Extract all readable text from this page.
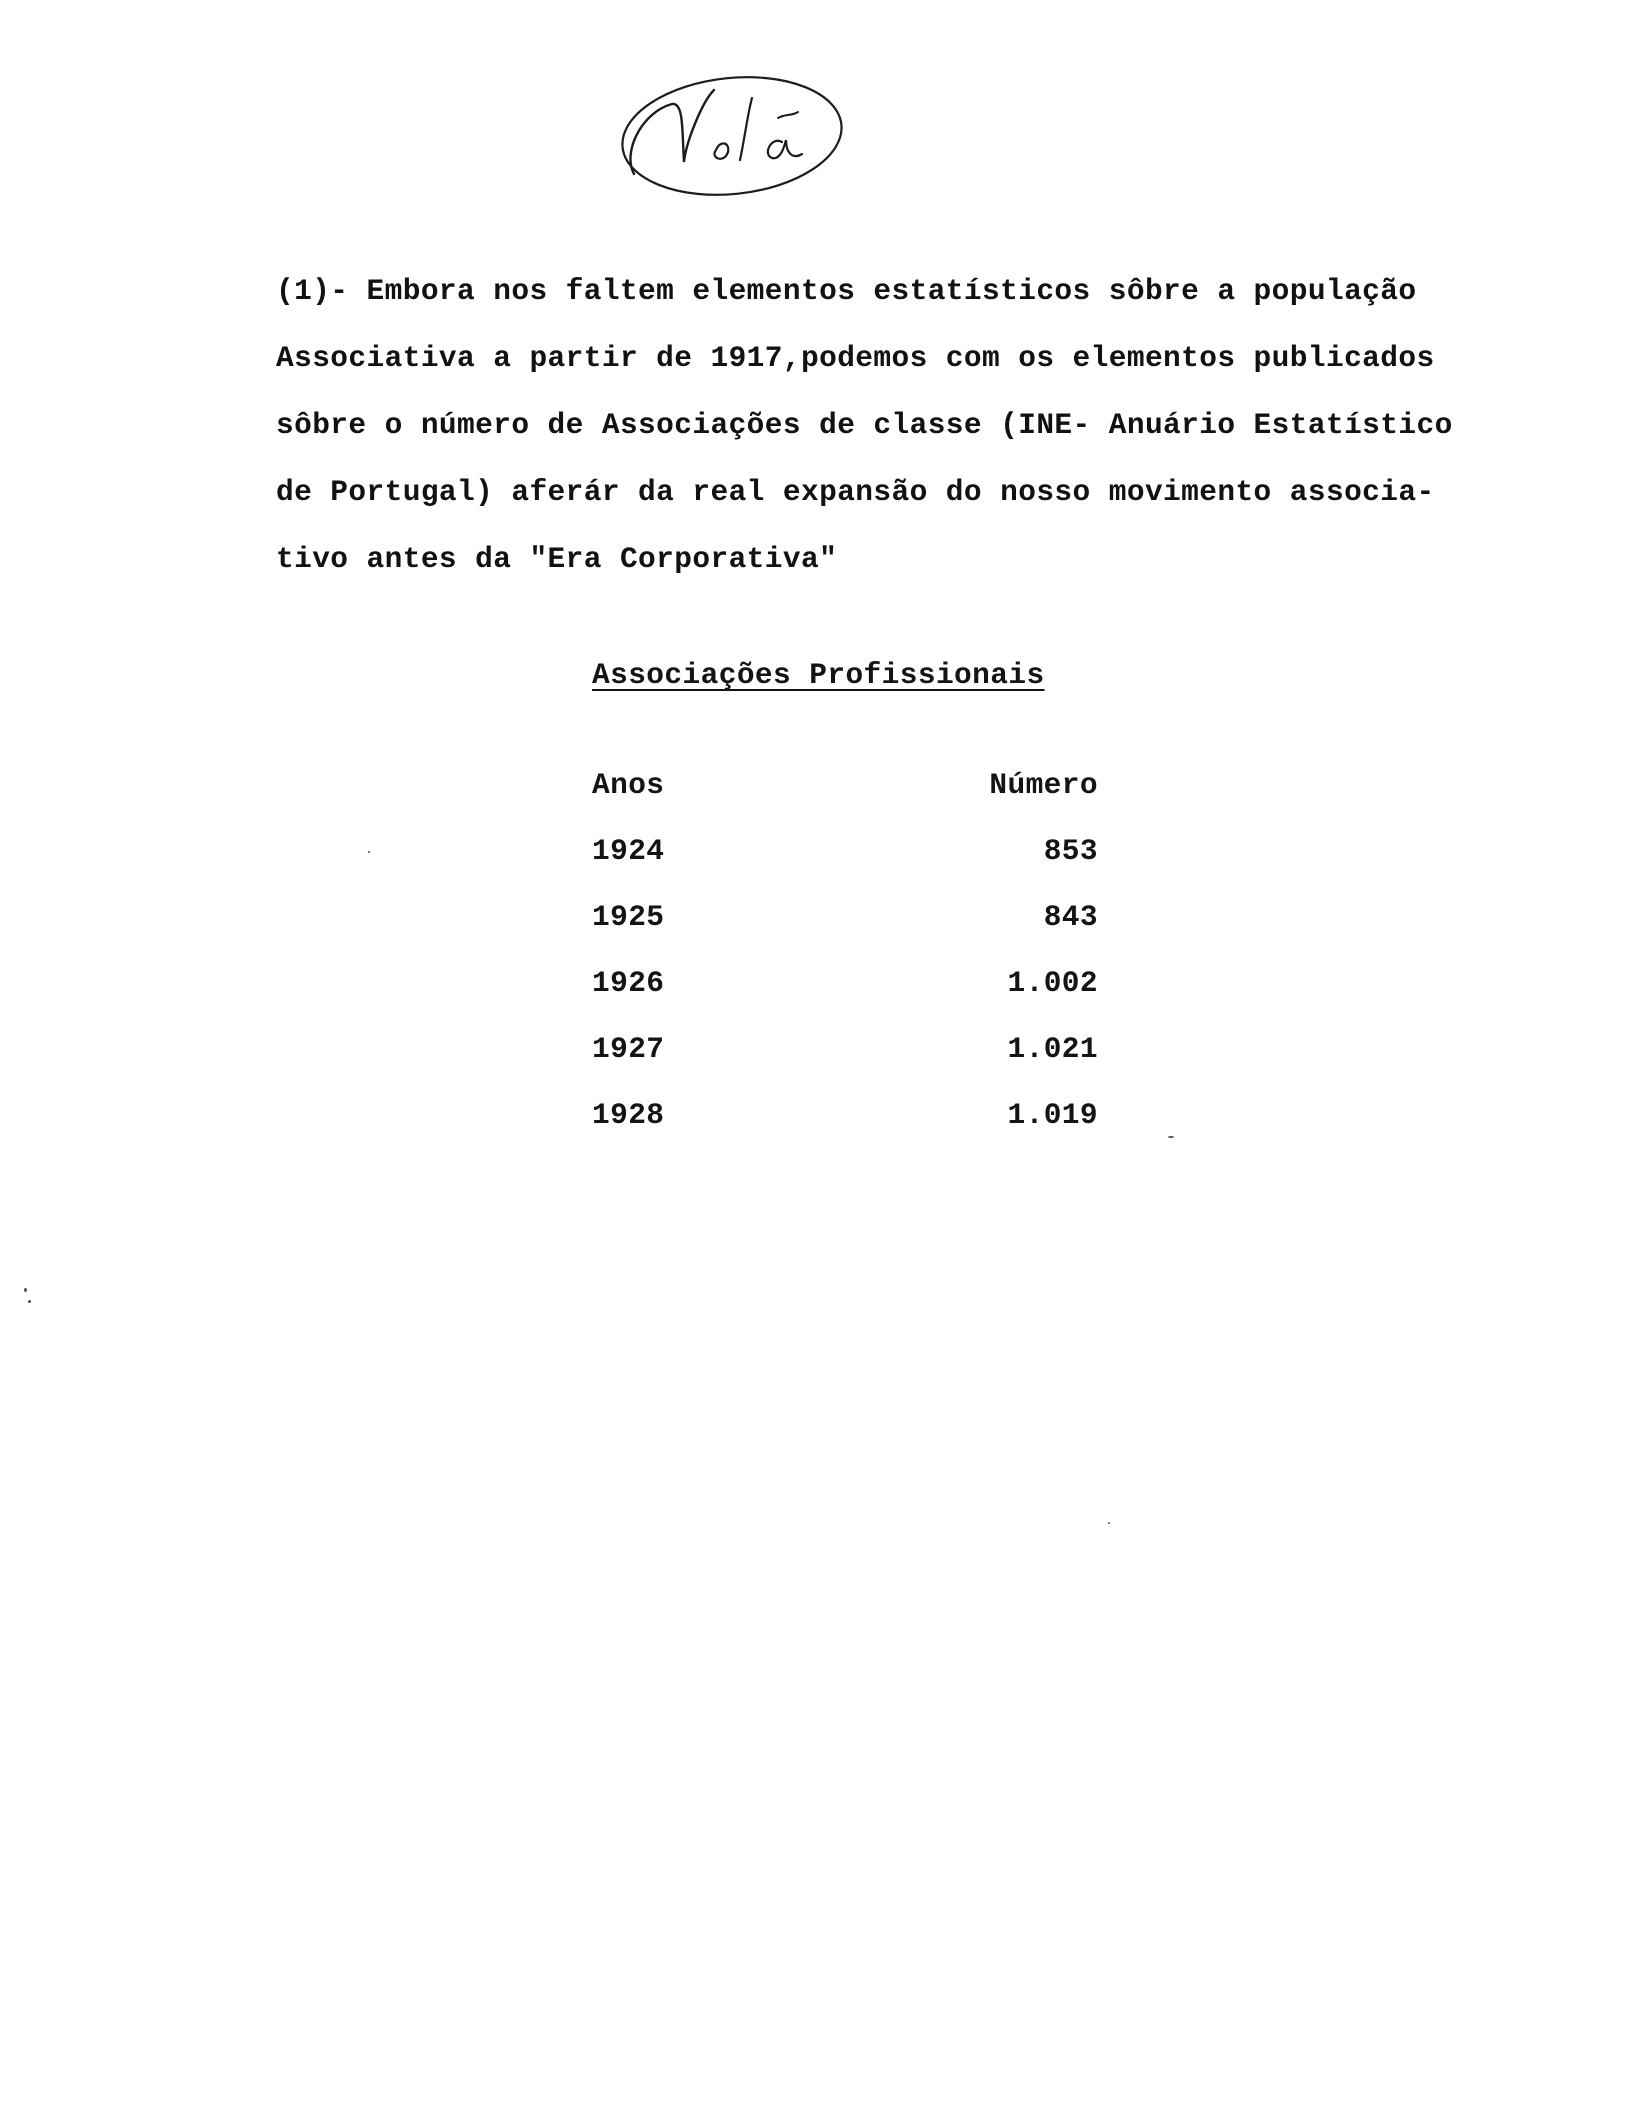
(1)- Embora nos faltem elementos estatísticos sôbre a população
Associativa a partir de 1917,podemos com os elementos publicados
sôbre o número de Associações de classe (INE- Anuário Estatístico
de Portugal) aferár da real expansão do nosso movimento associa-
tivo antes da "Era Corporativa"
Associações Profissionais
Anos	Número
1924	853
1925	843
1926	1.002
1927	1.021
1928	1.019
